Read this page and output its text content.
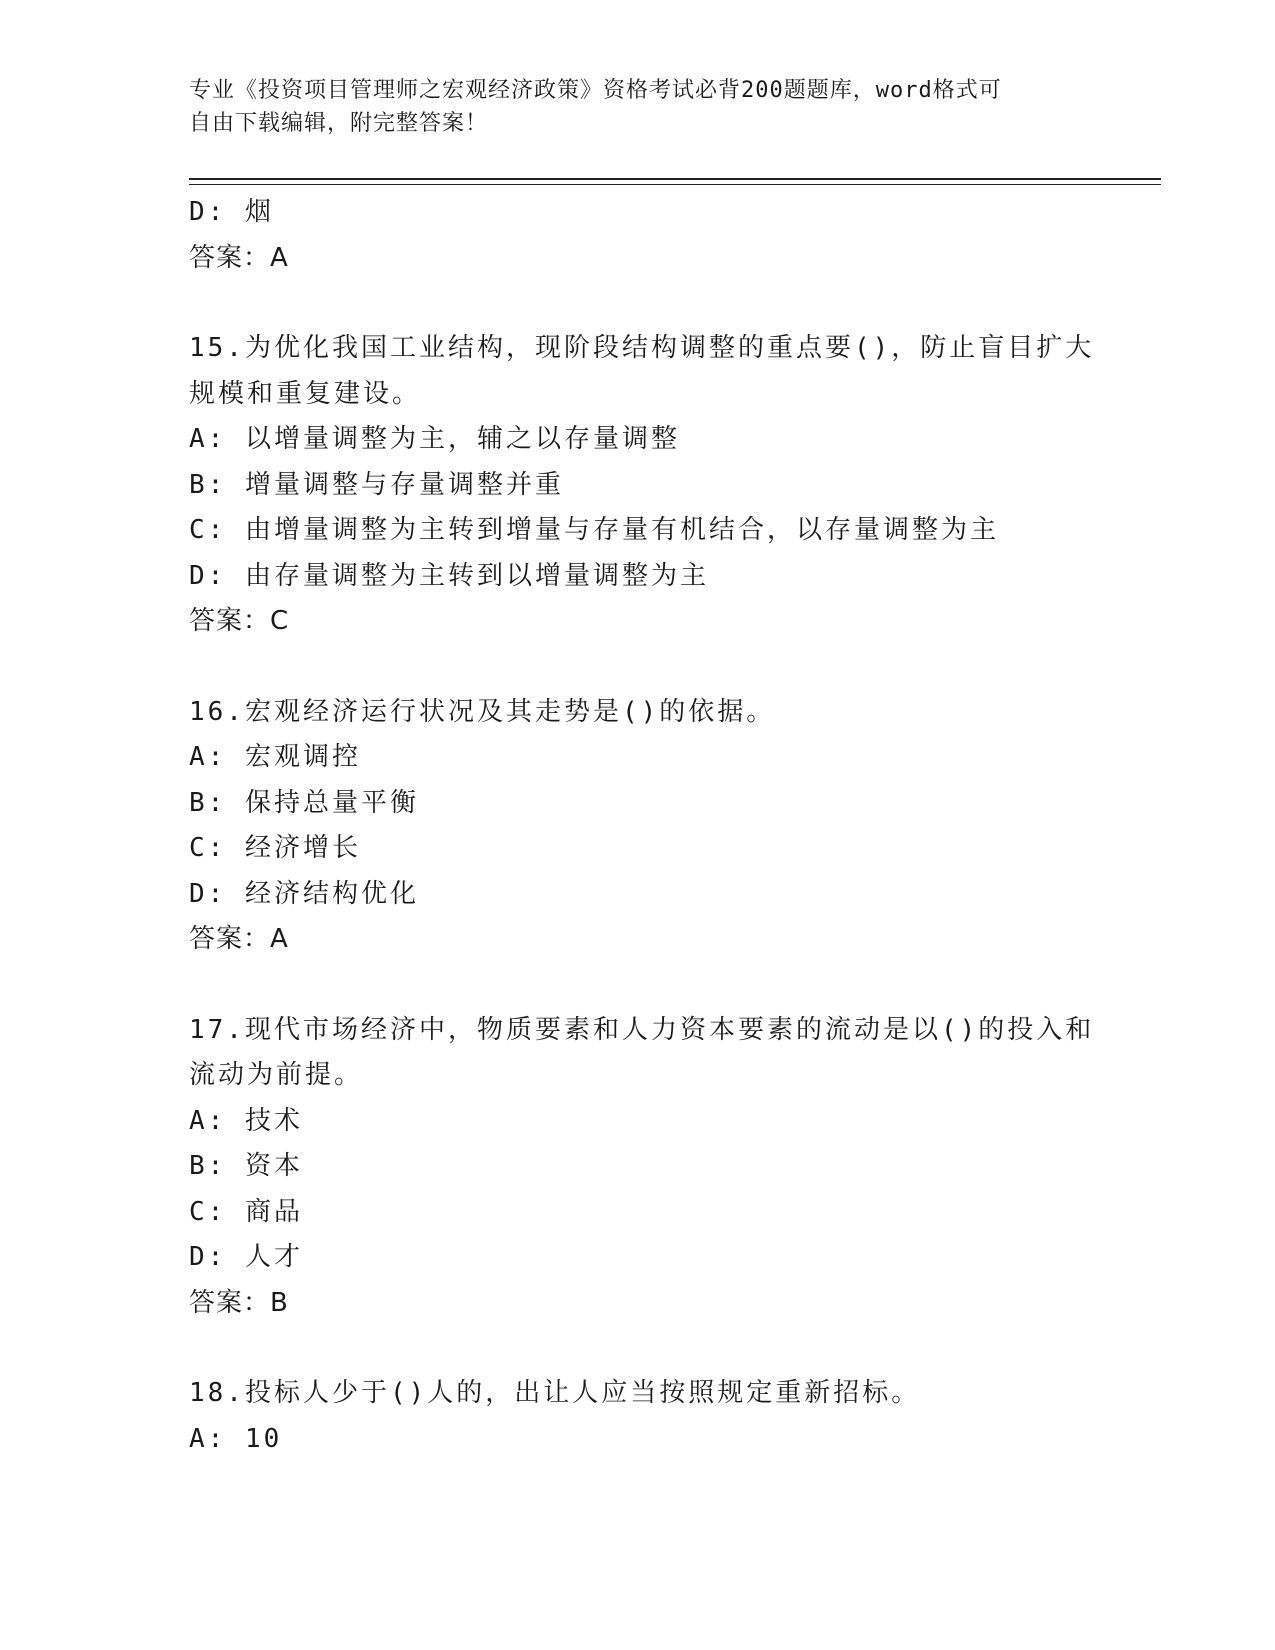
专业《投资项目管理师之宏观经济政策》资格考试必背200题题库，word格式可
自由下载编辑，附完整答案！
D: 烟
答案：A
15.为优化我国工业结构，现阶段结构调整的重点要()，防止盲目扩大
规模和重复建设。
A: 以增量调整为主，辅之以存量调整
B: 增量调整与存量调整并重
C: 由增量调整为主转到增量与存量有机结合，以存量调整为主
D: 由存量调整为主转到以增量调整为主
答案：C
16.宏观经济运行状况及其走势是()的依据。
A: 宏观调控
B: 保持总量平衡
C: 经济增长
D: 经济结构优化
答案：A
17.现代市场经济中，物质要素和人力资本要素的流动是以()的投入和
流动为前提。
A: 技术
B: 资本
C: 商品
D: 人才
答案：B
18.投标人少于()人的，出让人应当按照规定重新招标。
A: 10
